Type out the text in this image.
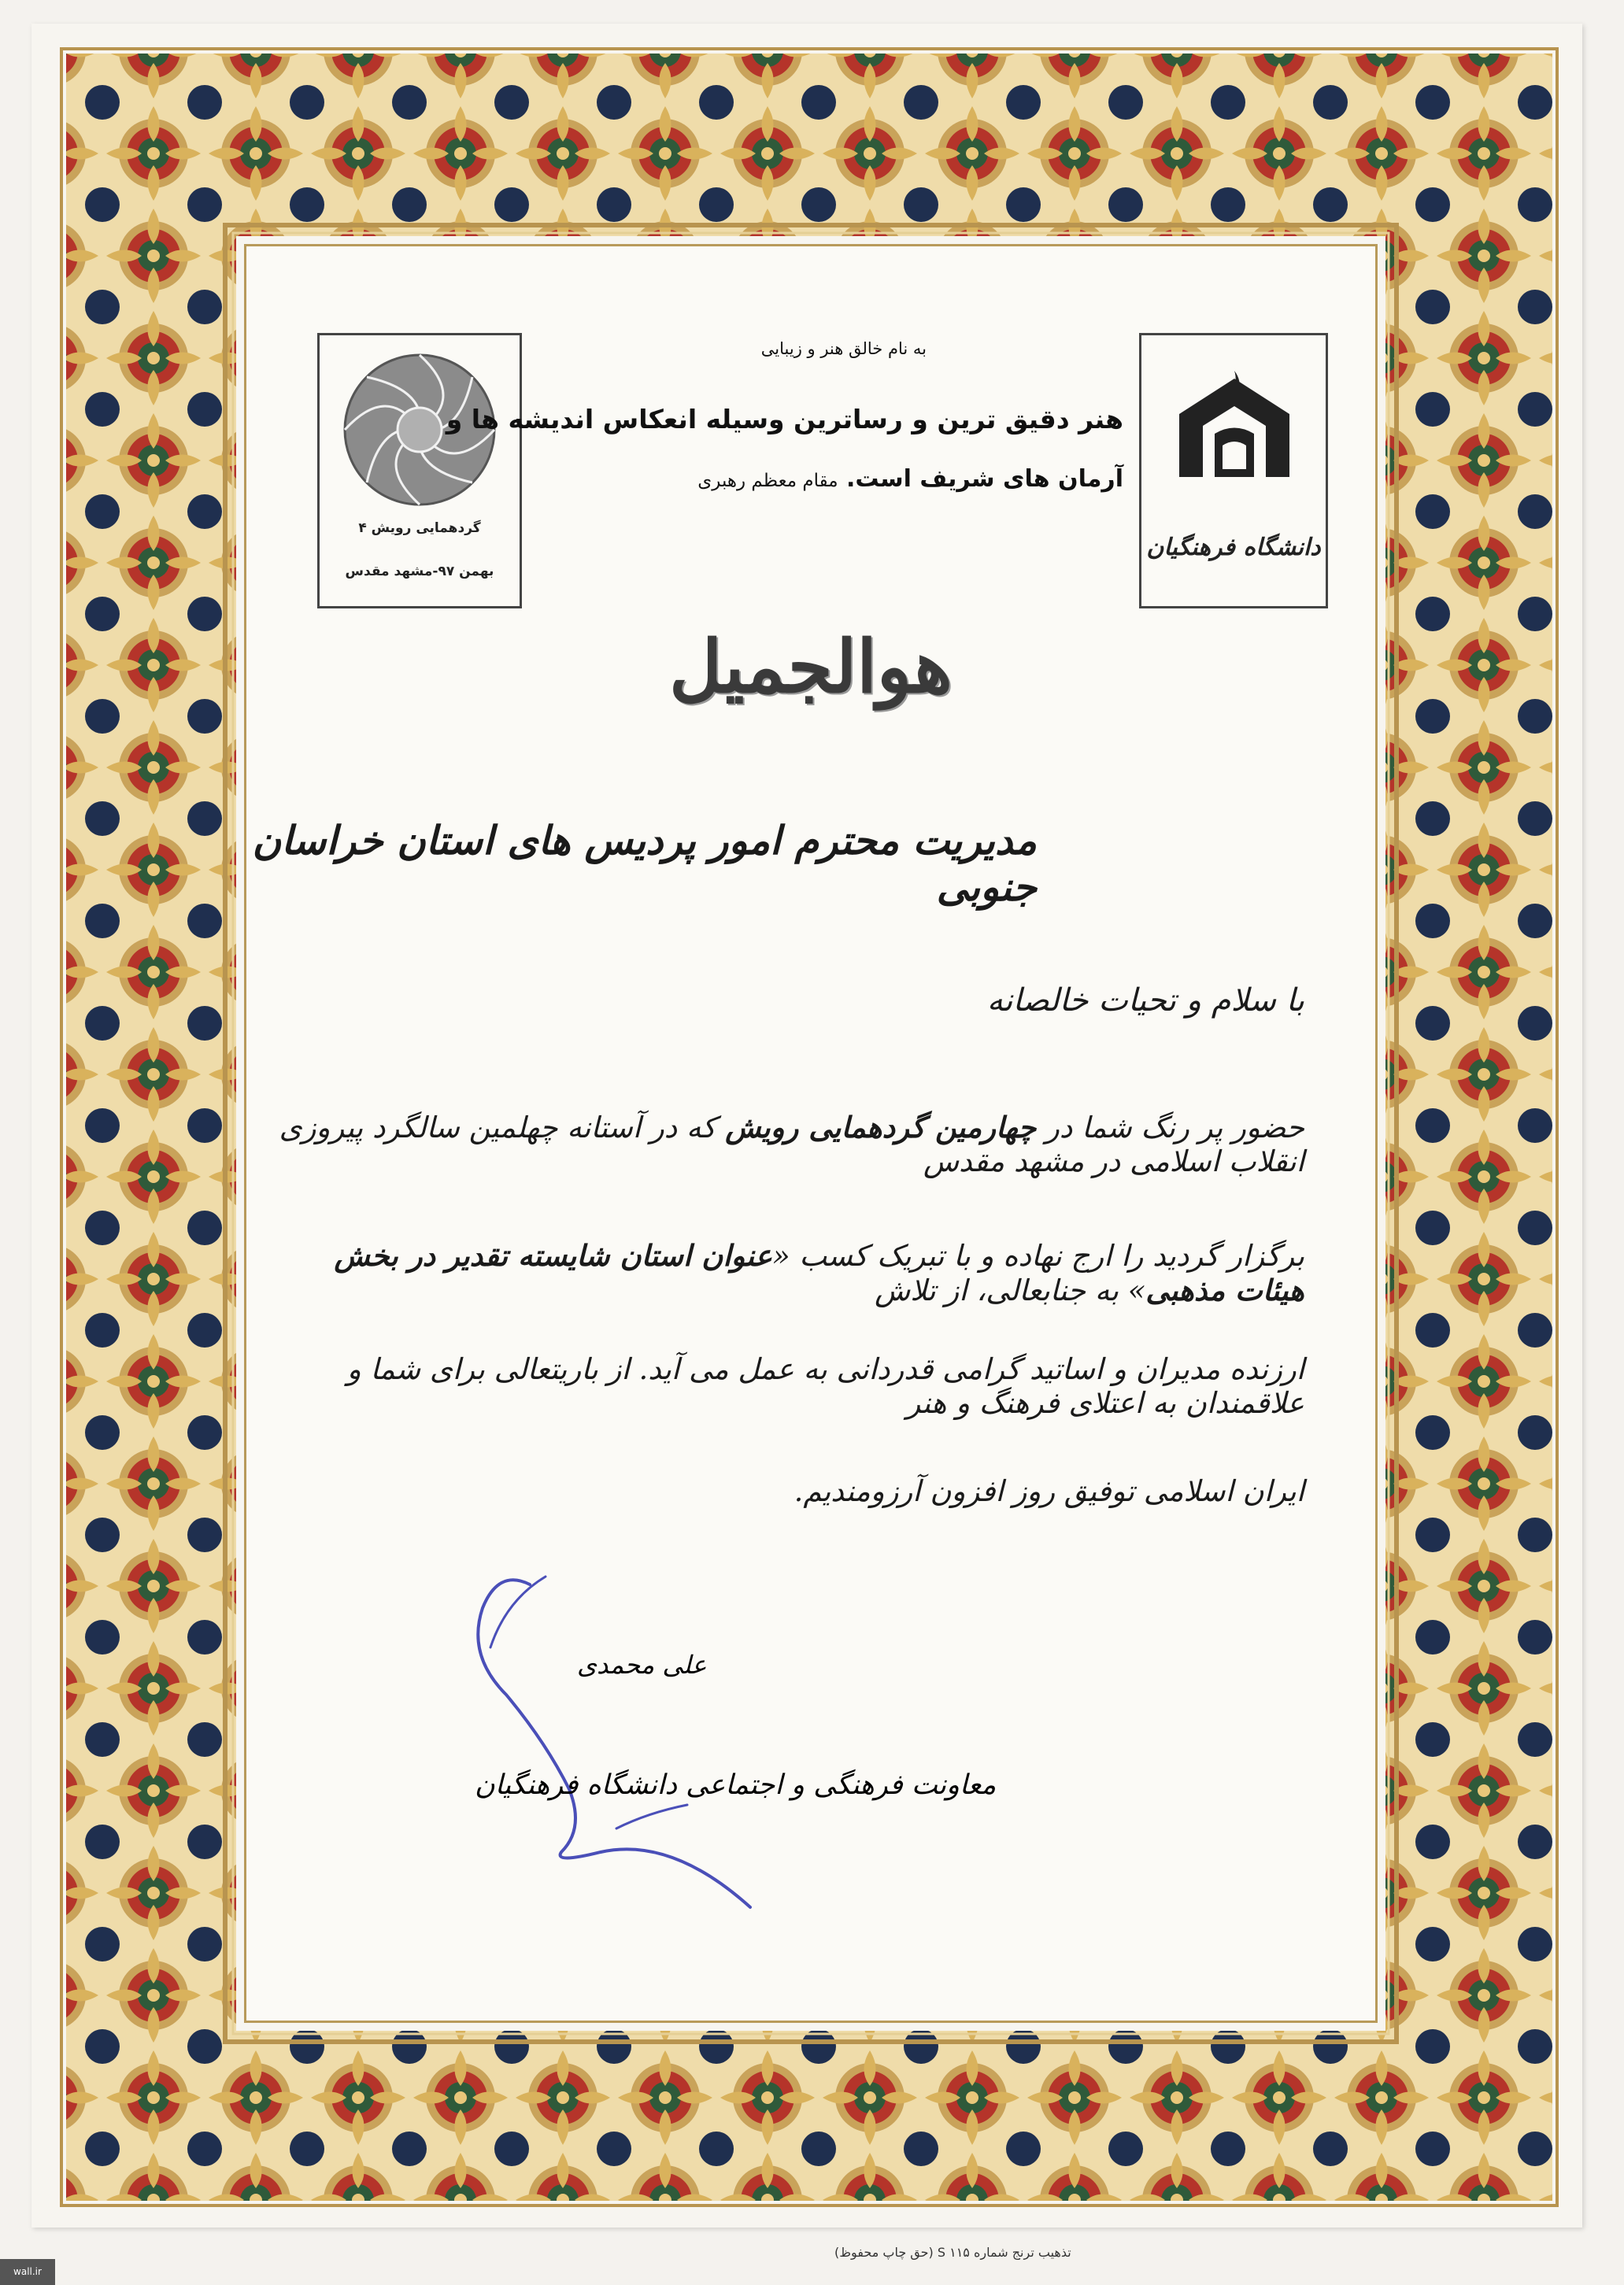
گردهمایی رویش ۴
بهمن ۹۷-مشهد مقدس
دانشگاه فرهنگیان
به نام خالق هنر و زیبایی
هنر دقیق ترین و رساترین وسیله انعکاس اندیشه ها و
آرمان های شریف است. مقام معظم رهبری
هوالجمیل
مدیریت محترم امور پردیس های استان خراسان جنوبی
با سلام و تحیات خالصانه
حضور پر رنگ شما در چهارمین گردهمایی رویش که در آستانه چهلمین سالگرد پیروزی انقلاب اسلامی در مشهد مقدس
برگزار گردید را ارج نهاده و با تبریک کسب «عنوان استان شایسته تقدیر در بخش هیئات مذهبی» به جنابعالی، از تلاش
ارزنده مدیران و اساتید گرامی قدردانی به عمل می آید. از باریتعالی برای شما و علاقمندان به اعتلای فرهنگ و هنر
ایران اسلامی توفیق روز افزون آرزومندیم.
علی محمدی
معاونت فرهنگی و اجتماعی دانشگاه فرهنگیان
تذهیب ترنج شماره S ۱۱۵ (حق چاپ محفوظ)
wall.ir
